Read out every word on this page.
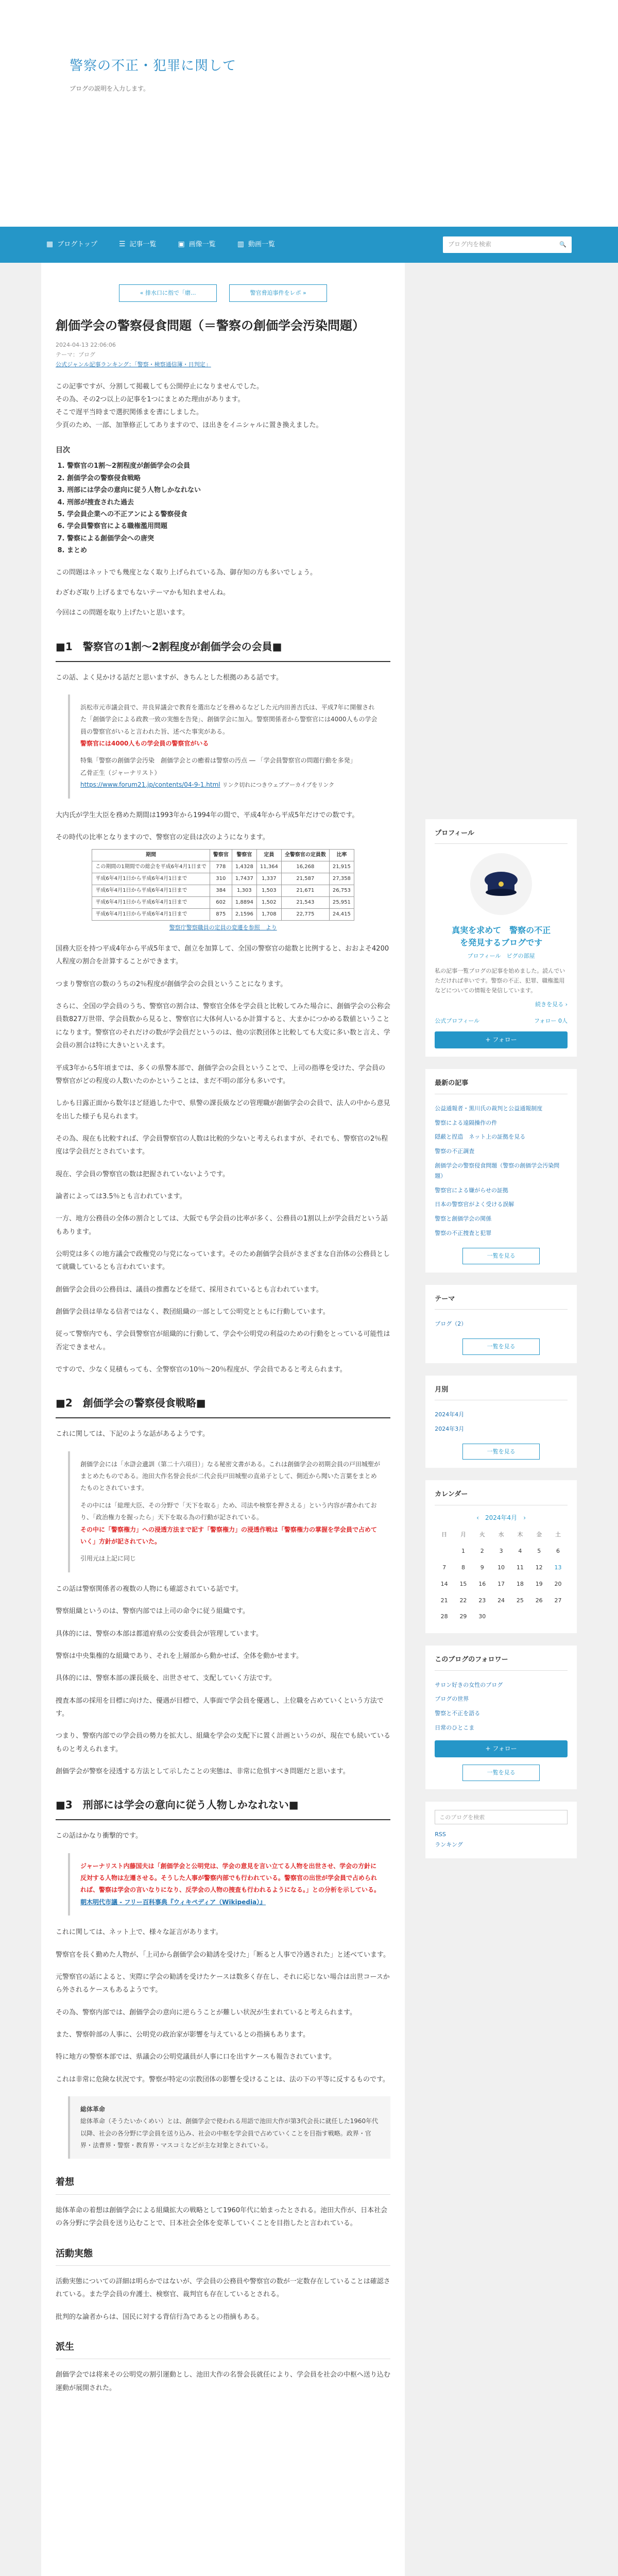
警察の不正・犯罪に関して
ブログの説明を入力します。
▦ ブログトップ	☰ 記事一覧	▣ 画像一覧	▥ 動画一覧	ブログ内を検索	🔍
« 排水口に指で「磨...	警官脅迫事件をレポ »
創価学会の警察侵食問題（＝警察の創価学会汚染問題）
2024-04-13 22:06:06
テーマ：ブログ
公式ジャンル記事ランキング：「警察・検察通信簿・日判定」
この記事ですが、分割して掲載しても公開停止になりませんでした。
その為、その2つ以上の記事を1つにまとめた理由があります。
そこで遅平当時まで選択関係まを書にしました。
少頁のため、一部、加筆修正してありますので、ほ出きをイニシャルに置き換えました。
目次
1. 警察官の1割〜2割程度が創価学会の会員
2. 創価学会の警察侵食戦略
3. 刑部には学会の意向に従う人物しかなれない
4. 刑部が捜査された過去
5. 学会員企業への不正アンによる警察侵食
6. 学会員警察官による職権濫用問題
7. 警察による創価学会への唐突
8. まとめ
この問題はネットでも幾度となく取り上げられている為、御存知の方も多いでしょう。
わざわざ取り上げるまでもないテーマかも知れませんね。
今回はこの問題を取り上げたいと思います。
■1　警察官の1割〜2割程度が創価学会の会員■

この話、よく見かける話だと思いますが、きちんとした根拠のある話です。

浜松市元市議会員で、井良昇議会で教育を選出などを務めるなどした元内田善吉氏は、平成7年に開催された「創価学会による政教一致の実態を告発」、創価学会に加入。警察関係者から警察官には4000人もの学会員の警察官がいると言われた旨、述べた事実がある。
警察官には4000人もの学会員の警察官がいる
特集「警察の創価学会汚染　創価学会との癒着は警察の汚点 ― 「学会員警察官の問題行動を多発」
乙骨正生（ジャーナリスト）
https://www.forum21.jp/contents/04-9-1.html リンク切れにつきウェブアーカイブをリンク

大内氏が学生大臣を務めた期間は1993年から1994年の間で、平成4年から平成5年だけでの数です。

その時代の比率となりますので、警察官の定員は次のようになります。

期間	警察官	警察官	定員	全警察官の定員数	比率
この期間の1期間での総会を平成6年4月1日まで	778	1,4328	11,364	16,268	21,915
平成6年4月1日から平成6年4月1日まで	310	1,7437	1,337	21,587	27,358
平成6年4月1日から平成6年4月1日まで	384	1,303	1,503	21,671	26,753
平成6年4月1日から平成6年4月1日まで	602	1,8894	1,502	21,543	25,951
平成6年4月1日から平成6年4月1日まで	875	2,1596	1,708	22,775	24,415
警察庁警察職員の定員の変遷を参照　より

国務大臣を持つ平成4年から平成5年まで、創立を加算して、全国の警察官の総数と比例すると、おおよそ4200人程度の割合を計算することができます。

つまり警察官の数のうちの2％程度が創価学会の会員ということになります。

さらに、全国の学会員のうち、警察官の割合は、警察官全体を学会員と比較してみた場合に、創価学会の公称会員数827万世帯、学会員数から見ると、警察官に大体何人いるか計算すると、大まかにつかめる数値ということになります。警察官のそれだけの数が学会員だというのは、他の宗教団体と比較しても大変に多い数と言え、学会員の割合は特に大きいといえます。

平成3年から5年頃までは、多くの県警本部で、創価学会の会員ということで、上司の指導を受けた、学会員の警察官がどの程度の人数いたのかということは、まだ不明の部分も多いです。

しかも日露正面から数年ほど経過した中で、県警の課長級などの管理職が創価学会の会員で、法人の中から意見を出した様子も見られます。

その為、現在も比較すれば、学会員警察官の人数は比較的少ないと考えられますが、それでも、警察官の2％程度は学会員だとされています。

現在、学会員の警察官の数は把握されていないようです。

論者によっては3.5％とも言われています。

一方、地方公務員の全体の割合としては、大阪でも学会員の比率が多く、公務員の1割以上が学会員だという話もあります。

公明党は多くの地方議会で政権党の与党になっています。そのため創価学会員がさまざまな自治体の公務員として就職しているとも言われています。

創価学会会員の公務員は、議員の推薦などを経て、採用されているとも言われています。

創価学会員は単なる信者ではなく、教団組織の一部として公明党とともに行動しています。

従って警察内でも、学会員警察官が組織的に行動して、学会や公明党の利益のための行動をとっている可能性は否定できません。

ですので、少なく見積もっても、全警察官の10％〜20％程度が、学会員であると考えられます。

■2　創価学会の警察侵食戦略■

これに関しては、下記のような話があるようです。

創価学会には「水滸会遺訓（第二十六項目）」なる秘密文書がある。これは創価学会の初期会員の戸田城聖がまとめたものである。池田大作名誉会長が二代会長戸田城聖の直弟子として、側近から聞いた言葉をまとめたものとされています。
その中には「総理大臣、その分野で「天下を取る」ため、司法や検察を押さえる」という内容が書かれており、「政治権力を握ったら」天下を取る為の行動が記されている。
その中に「警察権力」への浸透方法まで記す「警察権力」の浸透作戦は「警察権力の掌握を学会員で占めていく」方針が記されていた。
引用元は上記に同じ

この話は警察関係者の複数の人物にも確認されている話です。

警察組織というのは、警察内部では上司の命令に従う組織です。

具体的には、警察の本部は都道府県の公安委員会が管理しています。

警察は中央集権的な組織であり、それを上層部から動かせば、全体を動かせます。

具体的には、警察本部の課長級を、出世させて、支配していく方法です。

捜査本部の採用を目標に向けた、優遇が目標で、人事面で学会員を優遇し、上位職を占めていくという方法です。

つまり、警察内部での学会員の勢力を拡大し、組織を学会の支配下に置く計画というのが、現在でも続いているものと考えられます。

創価学会が警察を浸透する方法として示したことの実態は、非常に危惧すべき問題だと思います。

■3　刑部には学会の意向に従う人物しかなれない■

この話はかなり衝撃的です。

ジャーナリスト内藤国夫は「創価学会と公明党は、学会の意見を言い立てる人物を出世させ、学会の方針に反対する人物は左遷させる。そうした人事が警察内部でも行われている。警察官の出世が学会員で占められれば、警察は学会の言いなりになり、反学会の人物の捜査も行われるようになる。」との分析を示している。
朝木明代市議 - フリー百科事典『ウィキペディア（Wikipedia）』

これに関しては、ネット上で、様々な証言があります。

警察官を長く勤めた人物が、「上司から創価学会の勧誘を受けた」「断ると人事で冷遇された」と述べています。

元警察官の話によると、実際に学会の勧誘を受けたケースは数多く存在し、それに応じない場合は出世コースから外されるケースもあるようです。

その為、警察内部では、創価学会の意向に逆らうことが難しい状況が生まれていると考えられます。

また、警察幹部の人事に、公明党の政治家が影響を与えているとの指摘もあります。

特に地方の警察本部では、県議会の公明党議員が人事に口を出すケースも報告されています。

これは非常に危険な状況です。警察が特定の宗教団体の影響を受けることは、法の下の平等に反するものです。

総体革命
総体革命（そうたいかくめい）とは、創価学会で使われる用語で池田大作が第3代会長に就任した1960年代以降、社会の各分野に学会員を送り込み、社会の中枢を学会員で占めていくことを目指す戦略。政界・官界・法曹界・警察・教育界・マスコミなどが主な対象とされている。
着想

総体革命の着想は創価学会による組織拡大の戦略として1960年代に始まったとされる。池田大作が、日本社会の各分野に学会員を送り込むことで、日本社会全体を変革していくことを目指したと言われている。

活動実態

活動実態についての詳細は明らかではないが、学会員の公務員や警察官の数が一定数存在していることは確認されている。また学会員の弁護士、検察官、裁判官も存在しているとされる。

批判的な論者からは、国民に対する背信行為であるとの指摘もある。

派生

創価学会では将来その公明党の割引運動とし、池田大作の名誉会長就任により、学会員を社会の中枢へ送り込む運動が展開された。

プロフィール
真実を求めて　警察の不正
を発見するブログです
プロフィール　ピグの部屋
私の記事一覧ブログの記事を始めました。読んでいただければ幸いです。警察の不正、犯罪、職権濫用などについての情報を発信しています。
続きを見る ›
公式プロフィール	フォロー 0人
+ フォロー
最新の記事
公益通報者・黒川氏の裁判と公益通報制度
警察による遠隔操作の件
隠蔽と捏造　ネット上の証拠を見る
警察の不正調査
創価学会の警察侵食問題（警察の創価学会汚染問題）
警察官による嫌がらせの証拠
日本の警察官がよく受ける誤解
警察と創価学会の関係
警察の不正捜査と犯罪
一覧を見る
テーマ
ブログ（2）
一覧を見る
月別
2024年4月
2024年3月
一覧を見る
カレンダー
‹　2024年4月　›
日	月	火	水	木	金	土
	1	2	3	4	5	6
7	8	9	10	11	12	13
14	15	16	17	18	19	20
21	22	23	24	25	26	27
28	29	30				
このブログのフォロワー
サロン好きの女性のブログ
ブログの世界
警察と不正を語る
日常のひとこま
+ フォロー
一覧を見る
このブログを検索
RSS
ランキング
